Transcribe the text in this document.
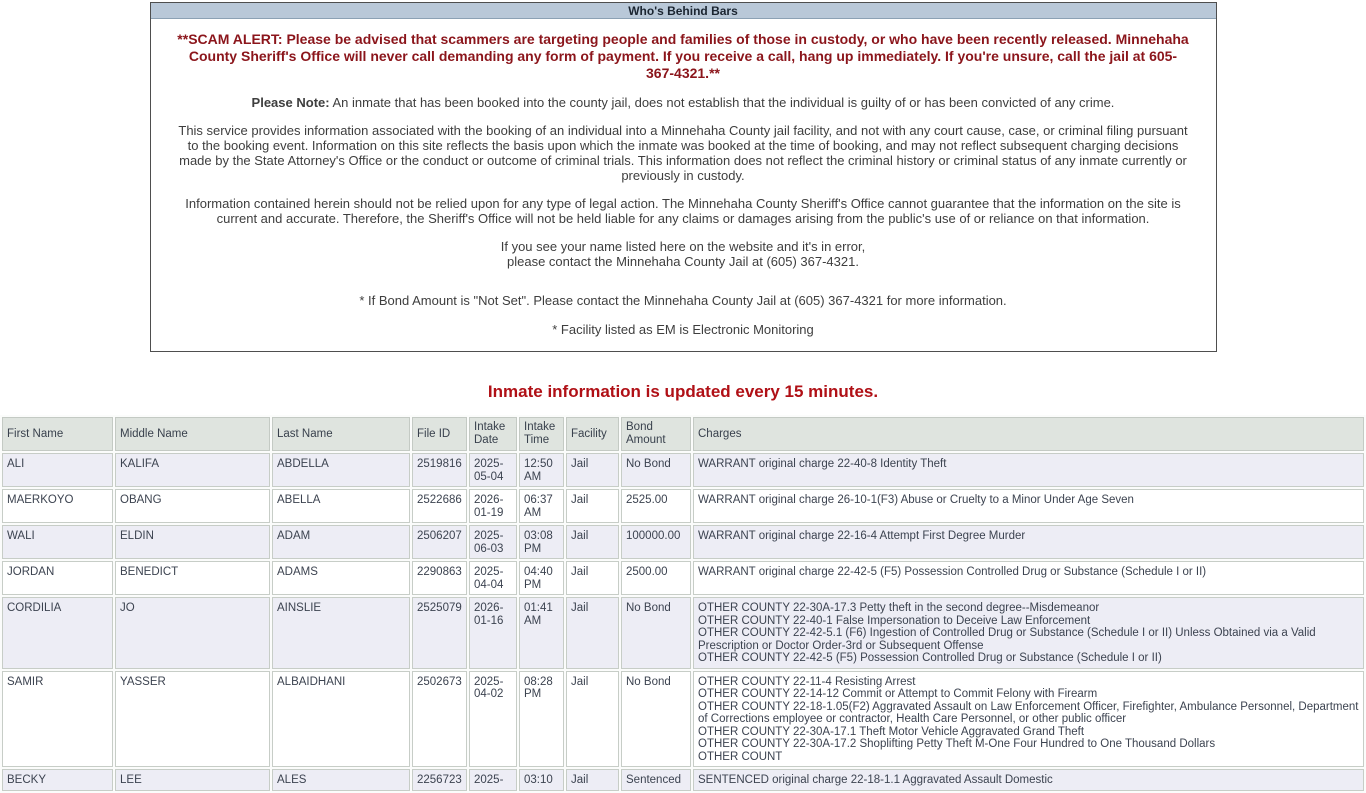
Who's Behind Bars

**SCAM ALERT: Please be advised that scammers are targeting people and families of those in custody, or who have been recently released. Minnehaha County Sheriff's Office will never call demanding any form of payment. If you receive a call, hang up immediately. If you're unsure, call the jail at 605-367-4321.**

Please Note: An inmate that has been booked into the county jail, does not establish that the individual is guilty of or has been convicted of any crime.

This service provides information associated with the booking of an individual into a Minnehaha County jail facility, and not with any court cause, case, or criminal filing pursuant to the booking event. Information on this site reflects the basis upon which the inmate was booked at the time of booking, and may not reflect subsequent charging decisions made by the State Attorney's Office or the conduct or outcome of criminal trials. This information does not reflect the criminal history or criminal status of any inmate currently or previously in custody.

Information contained herein should not be relied upon for any type of legal action. The Minnehaha County Sheriff's Office cannot guarantee that the information on the site is current and accurate. Therefore, the Sheriff's Office will not be held liable for any claims or damages arising from the public's use of or reliance on that information.

If you see your name listed here on the website and it's in error,
please contact the Minnehaha County Jail at (605) 367-4321.

* If Bond Amount is "Not Set". Please contact the Minnehaha County Jail at (605) 367-4321 for more information.

* Facility listed as EM is Electronic Monitoring

Inmate information is updated every 15 minutes.
First Name	Middle Name	Last Name	File ID	Intake Date	Intake Time	Facility	Bond Amount	Charges
ALI	KALIFA	ABDELLA	2519816	2025-05-04	12:50 AM	Jail	No Bond	WARRANT original charge 22-40-8 Identity Theft

MAERKOYO	OBANG	ABELLA	2522686	2026-01-19	06:37 AM	Jail	2525.00	WARRANT original charge 26-10-1(F3) Abuse or Cruelty to a Minor Under Age Seven

WALI	ELDIN	ADAM	2506207	2025-06-03	03:08 PM	Jail	100000.00	WARRANT original charge 22-16-4 Attempt First Degree Murder

JORDAN	BENEDICT	ADAMS	2290863	2025-04-04	04:40 PM	Jail	2500.00	WARRANT original charge 22-42-5 (F5) Possession Controlled Drug or Substance (Schedule I or II)

CORDILIA	JO	AINSLIE	2525079	2026-01-16	01:41 AM	Jail	No Bond	OTHER COUNTY 22-30A-17.3 Petty theft in the second degree--Misdemeanor
OTHER COUNTY 22-40-1 False Impersonation to Deceive Law Enforcement
OTHER COUNTY 22-42-5.1 (F6) Ingestion of Controlled Drug or Substance (Schedule I or II) Unless Obtained via a Valid Prescription or Doctor Order-3rd or Subsequent Offense
OTHER COUNTY 22-42-5 (F5) Possession Controlled Drug or Substance (Schedule I or II)

SAMIR	YASSER	ALBAIDHANI	2502673	2025-04-02	08:28 PM	Jail	No Bond	OTHER COUNTY 22-11-4 Resisting Arrest
OTHER COUNTY 22-14-12 Commit or Attempt to Commit Felony with Firearm
OTHER COUNTY 22-18-1.05(F2) Aggravated Assault on Law Enforcement Officer, Firefighter, Ambulance Personnel, Department of Corrections employee or contractor, Health Care Personnel, or other public officer
OTHER COUNTY 22-30A-17.1 Theft Motor Vehicle Aggravated Grand Theft
OTHER COUNTY 22-30A-17.2 Shoplifting Petty Theft M-One Four Hundred to One Thousand Dollars
OTHER COUNT

BECKY	LEE	ALES	2256723	2025-	03:10	Jail	Sentenced	SENTENCED original charge 22-18-1.1 Aggravated Assault Domestic
